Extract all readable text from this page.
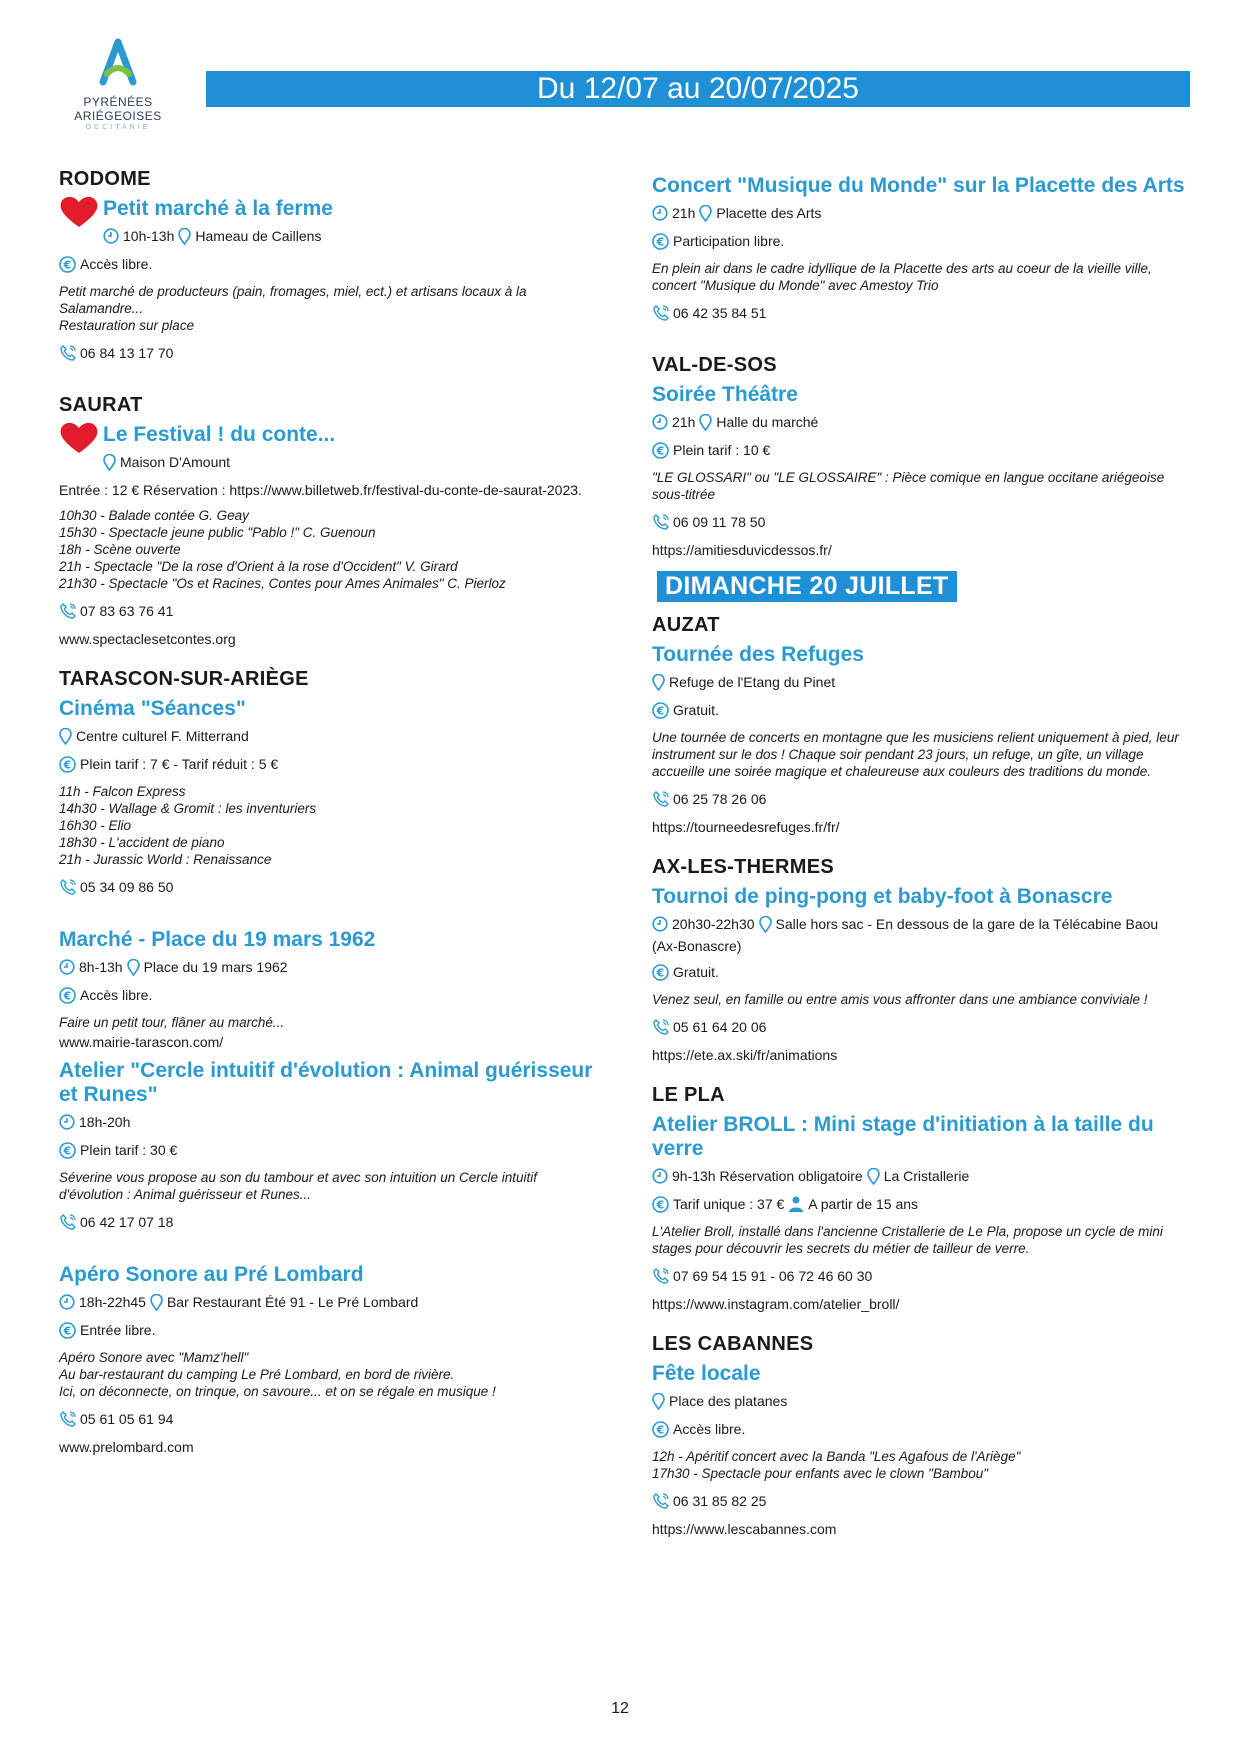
PYRÉNÉES
ARIÉGEOISES
OCCITANIE
Du 12/07 au 20/07/2025
RODOME
Petit marché à la ferme
10h-13h Hameau de Caillens
€ Accès libre.
Petit marché de producteurs (pain, fromages, miel, ect.) et artisans locaux à la Salamandre...
Restauration sur place
06 84 13 17 70
SAURAT
Le Festival ! du conte...
Maison D'Amount
Entrée : 12 € Réservation : https://www.billetweb.fr/festival-du-conte-de-saurat-2023.
10h30 - Balade contée G. Geay
15h30 - Spectacle jeune public "Pablo !" C. Guenoun
18h - Scène ouverte
21h - Spectacle "De la rose d'Orient à la rose d'Occident" V. Girard
21h30 - Spectacle "Os et Racines, Contes pour Ames Animales" C. Pierloz
07 83 63 76 41
www.spectaclesetcontes.org
TARASCON-SUR-ARIÈGE
Cinéma "Séances"
Centre culturel F. Mitterrand
€ Plein tarif : 7 € - Tarif réduit : 5 €
11h - Falcon Express
14h30 - Wallage & Gromit : les inventuriers
16h30 - Elio
18h30 - L'accident de piano
21h - Jurassic World : Renaissance
05 34 09 86 50
Marché - Place du 19 mars 1962
8h-13h Place du 19 mars 1962
€ Accès libre.
Faire un petit tour, flâner au marché...
www.mairie-tarascon.com/
Atelier "Cercle intuitif d'évolution : Animal guérisseur et Runes"
18h-20h
€ Plein tarif : 30 €
Séverine vous propose au son du tambour et avec son intuition un Cercle intuitif d'évolution : Animal guérisseur et Runes...
06 42 17 07 18
Apéro Sonore au Pré Lombard
18h-22h45 Bar Restaurant Été 91 - Le Pré Lombard
€ Entrée libre.
Apéro Sonore avec "Mamz'hell"
Au bar-restaurant du camping Le Pré Lombard, en bord de rivière.
Ici, on déconnecte, on trinque, on savoure... et on se régale en musique !
05 61 05 61 94
www.prelombard.com
Concert "Musique du Monde" sur la Placette des Arts
21h Placette des Arts
€ Participation libre.
En plein air dans le cadre idyllique de la Placette des arts au coeur de la vieille ville, concert "Musique du Monde" avec Amestoy Trio
06 42 35 84 51
VAL-DE-SOS
Soirée Théâtre
21h Halle du marché
€ Plein tarif : 10 €
"LE GLOSSARI" ou "LE GLOSSAIRE" : Pièce comique en langue occitane ariégeoise sous-titrée
06 09 11 78 50
https://amitiesduvicdessos.fr/
DIMANCHE 20 JUILLET
AUZAT
Tournée des Refuges
Refuge de l'Etang du Pinet
€ Gratuit.
Une tournée de concerts en montagne que les musiciens relient uniquement à pied, leur instrument sur le dos ! Chaque soir pendant 23 jours, un refuge, un gîte, un village accueille une soirée magique et chaleureuse aux couleurs des traditions du monde.
06 25 78 26 06
https://tourneedesrefuges.fr/fr/
AX-LES-THERMES
Tournoi de ping-pong et baby-foot à Bonascre
20h30-22h30 Salle hors sac - En dessous de la gare de la Télécabine Baou
(Ax-Bonascre)
€ Gratuit.
Venez seul, en famille ou entre amis vous affronter dans une ambiance conviviale !
05 61 64 20 06
https://ete.ax.ski/fr/animations
LE PLA
Atelier BROLL : Mini stage d'initiation à la taille du verre
9h-13h Réservation obligatoire La Cristallerie
€ Tarif unique : 37 € A partir de 15 ans
L'Atelier Broll, installé dans l'ancienne Cristallerie de Le Pla, propose un cycle de mini stages pour découvrir les secrets du métier de tailleur de verre.
07 69 54 15 91 - 06 72 46 60 30
https://www.instagram.com/atelier_broll/
LES CABANNES
Fête locale
Place des platanes
€ Accès libre.
12h - Apéritif concert avec la Banda "Les Agafous de l'Ariège"
17h30 - Spectacle pour enfants avec le clown "Bambou"
06 31 85 82 25
https://www.lescabannes.com
12
